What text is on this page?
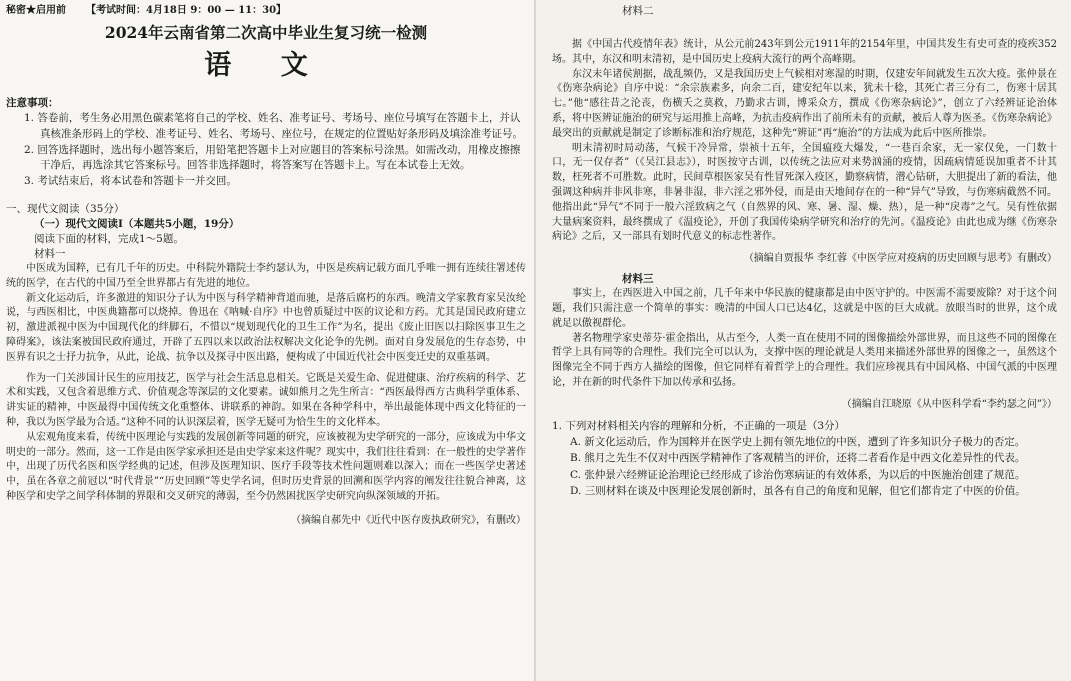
秘密★启用前 【考试时间：4月18日 9：00 — 11：30】
2024年云南省第二次高中毕业生复习统一检测
语 文
注意事项：
1. 答卷前，考生务必用黑色碳素笔将自己的学校、姓名、准考证号、考场号、座位号填写在答题卡上，并认真核准条形码上的学校、准考证号、姓名、考场号、座位号，在规定的位置贴好条形码及填涂准考证号。
2. 回答选择题时，选出每小题答案后，用铅笔把答题卡上对应题目的答案标号涂黑。如需改动，用橡皮擦擦干净后，再选涂其它答案标号。回答非选择题时，将答案写在答题卡上。写在本试卷上无效。
3. 考试结束后，将本试卷和答题卡一并交回。
一、现代文阅读（35分）
（一）现代文阅读Ⅰ（本题共5小题，19分）
阅读下面的材料，完成1～5题。
材料一

中医成为国粹，已有几千年的历史。中科院外籍院士李约瑟认为，中医是疾病记载方面几乎唯一拥有连续往署述传统的医学，在古代的中国乃至全世界都占有先进的地位。

新文化运动后，许多激进的知识分子认为中医与科学精神背道而驰，是落后腐朽的东西。晚清文学家教育家吴汝纶说，与西医相比，中医典籍都可以烧掉。鲁迅在《呐喊·自序》中也曾质疑过中医的议论和方药。尤其是国民政府建立初，激进派视中医为中国现代化的绊脚石，不惜以“规划现代化的卫生工作”为名，提出《废止旧医以扫除医事卫生之障碍案》，该法案被国民政府通过，开辟了五四以来以政治法权解决文化论争的先例。面对自身发展危的生存态势，中医界有识之士抒力抗争，从此，论战、抗争以及探寻中医出路，便构成了中国近代社会中医变迁史的双重基调。

作为一门关涉国计民生的应用技艺，医学与社会生活息息相关。它既是关爱生命、促进健康、治疗疾病的科学、艺术和实践，又包含着思维方式、价值观念等深层的文化要素。诚如熊月之先生所言：“西医最得西方古典科学重体系、讲实证的精神，中医最得中国传统文化重整体、讲联系的神韵。如果在各种学科中，举出最能体现中西文化特征的一种，我以为医学最为合适。”这种不同的认识深层着，医学无疑可为恰生生的文化样本。

从宏观角度来看，传统中医理论与实践的发展创新等同题的研究，应该被视为史学研究的一部分，应该成为中华文明史的一部分。然而，这一工作是由医学家承担还是由史学家来这件呢？现实中，我们往往看到：在一般性的史学著作中，出现了历代名医和医学经典的记述，但涉及医理知识、医疗手段等技术性问题则难以深入；而在一些医学史著述中，虽在各章之前冠以“时代背景”“历史回顾”等史学名词，但时历史背景的回溯和医学内容的阐发往往貌合神离，这种医学和史学之间学科体制的界限和交叉研究的薄弱，至今仍然困扰医学史研究向纵深领域的开拓。

（摘编自郝先中《近代中医存废执政研究》，有删改）
材料二

据《中国古代疫情年表》统计，从公元前243年到公元1911年的2154年里，中国共发生有史可查的疫疾352场。其中，东汉和明末清初，是中国历史上疫病大流行的两个高峰期。

东汉末年诸侯割据，战乱频仍，又是我国历史上气候相对寒湿的时期，仅建安年间就发生五次大疫。张仲景在《伤寒杂病论》自序中说：“余宗族素多，向余二百，建安纪年以来，犹未十稔，其死亡者三分有二，伤寒十居其七。”他“感往昔之沦丧，伤横夭之莫救，乃勤求古训，博采众方，撰成《伤寒杂病论》”，创立了六经辨证论治体系，将中医辨证施治的研究与运用推上高峰，为抗击疫病作出了前所未有的贡献，被后人尊为医圣。《伤寒杂病论》最突出的贡献就是制定了诊断标准和治疗规范，这种先“辨证”再“施治”的方法成为此后中医所推崇。

明末清初时局动荡，气候干冷异常，崇祯十五年，全国瘟疫大爆发，“一巷百余家，无一家仅免，一门数十口，无一仅存者”（《吴江县志》），时医按守古训，以传统之法应对来势汹涌的疫情，因疏病情延误加重者不计其数，枉死者不可胜数。此时，民间草根医家吴有性冒死深入疫区，勤察病情，潜心钻研，大胆提出了新的看法，他强调这种病并非风非寒，非暑非湿，非六淫之邪外侵，而是由天地间存在的一种“异气”导致，与伤寒病截然不同。他指出此“异气”不同于一般六淫致病之气（自然界的风、寒、暑、湿、燥、热），是一种“戾毒”之气。吴有性依据大量病案资料，最终撰成了《温疫论》，开创了我国传染病学研究和治疗的先河。《温疫论》由此也成为继《伤寒杂病论》之后，又一部具有划时代意义的标志性著作。

（摘编自贾报华 李红蓉《中医学应对疫病的历史回顾与思考》有删改）
材料三

事实上，在西医进入中国之前，几千年来中华民族的健康都是由中医守护的。中医需不需要废除？对于这个问题，我们只需注意一个简单的事实：晚清的中国人口已达4亿，这就是中医的巨大成就。放眼当时的世界，这个成就足以傲视群伦。

著名物理学家史蒂芬·霍金指出，从古至今，人类一直在使用不同的图像描绘外部世界，而且这些不同的图像在哲学上具有同等的合理性。我们完全可以认为，支撑中医的理论就是人类用来描述外部世界的图像之一，虽然这个图像完全不同于西方人描绘的图像，但它同样有着哲学上的合理性。我们应珍视具有中国风格、中国气派的中医理论，并在新的时代条件下加以传承和弘扬。

（摘编自江晓原《从中医科学看“李约瑟之问”》）
1. 下列对材料相关内容的理解和分析，不正确的一项是（3分）
A. 新文化运动后，作为国粹并在医学史上拥有领先地位的中医，遭到了许多知识分子极力的否定。
B. 熊月之先生不仅对中西医学精神作了客观精当的评价，还将二者看作是中西文化差异性的代表。
C. 张仲景六经辨证论治理论已经形成了诊治伤寒病证的有效体系，为以后的中医施治创建了规范。
D. 三则材料在谈及中医理论发展创新时，虽各有自己的角度和见解，但它们都肯定了中医的价值。
